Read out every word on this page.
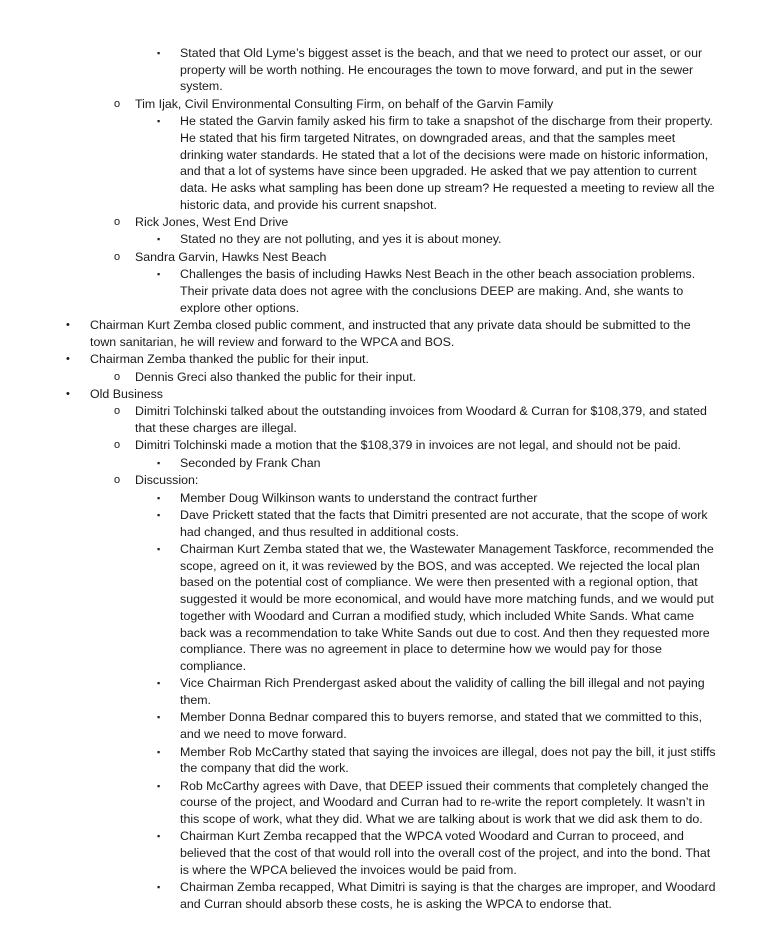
▪ Stated that Old Lyme’s biggest asset is the beach, and that we need to protect our asset, or our property will be worth nothing. He encourages the town to move forward, and put in the sewer system.
o Tim Ijak, Civil Environmental Consulting Firm, on behalf of the Garvin Family
▪ He stated the Garvin family asked his firm to take a snapshot of the discharge from their property. He stated that his firm targeted Nitrates, on downgraded areas, and that the samples meet drinking water standards. He stated that a lot of the decisions were made on historic information, and that a lot of systems have since been upgraded. He asked that we pay attention to current data. He asks what sampling has been done up stream? He requested a meeting to review all the historic data, and provide his current snapshot.
o Rick Jones, West End Drive
▪ Stated no they are not polluting, and yes it is about money.
o Sandra Garvin, Hawks Nest Beach
▪ Challenges the basis of including Hawks Nest Beach in the other beach association problems. Their private data does not agree with the conclusions DEEP are making. And, she wants to explore other options.
• Chairman Kurt Zemba closed public comment, and instructed that any private data should be submitted to the town sanitarian, he will review and forward to the WPCA and BOS.
• Chairman Zemba thanked the public for their input.
o Dennis Greci also thanked the public for their input.
• Old Business
o Dimitri Tolchinski talked about the outstanding invoices from Woodard & Curran for $108,379, and stated that these charges are illegal.
o Dimitri Tolchinski made a motion that the $108,379 in invoices are not legal, and should not be paid.
▪ Seconded by Frank Chan
o Discussion:
▪ Member Doug Wilkinson wants to understand the contract further
▪ Dave Prickett stated that the facts that Dimitri presented are not accurate, that the scope of work had changed, and thus resulted in additional costs.
▪ Chairman Kurt Zemba stated that we, the Wastewater Management Taskforce, recommended the scope, agreed on it, it was reviewed by the BOS, and was accepted. We rejected the local plan based on the potential cost of compliance. We were then presented with a regional option, that suggested it would be more economical, and would have more matching funds, and we would put together with Woodard and Curran a modified study, which included White Sands. What came back was a recommendation to take White Sands out due to cost. And then they requested more compliance. There was no agreement in place to determine how we would pay for those compliance.
▪ Vice Chairman Rich Prendergast asked about the validity of calling the bill illegal and not paying them.
▪ Member Donna Bednar compared this to buyers remorse, and stated that we committed to this, and we need to move forward.
▪ Member Rob McCarthy stated that saying the invoices are illegal, does not pay the bill, it just stiffs the company that did the work.
▪ Rob McCarthy agrees with Dave, that DEEP issued their comments that completely changed the course of the project, and Woodard and Curran had to re-write the report completely. It wasn’t in this scope of work, what they did. What we are talking about is work that we did ask them to do.
▪ Chairman Kurt Zemba recapped that the WPCA voted Woodard and Curran to proceed, and believed that the cost of that would roll into the overall cost of the project, and into the bond. That is where the WPCA believed the invoices would be paid from.
▪ Chairman Zemba recapped, What Dimitri is saying is that the charges are improper, and Woodard and Curran should absorb these costs, he is asking the WPCA to endorse that.
